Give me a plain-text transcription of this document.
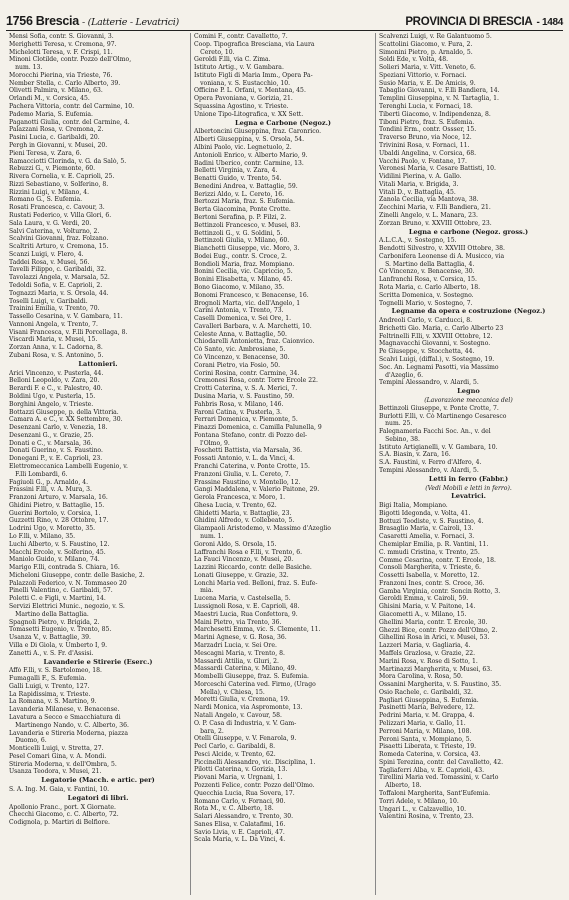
1756 Brescia - (Latterie - Levatrici)	PROVINCIA DI BRESCIA - 1484
Mensi Sofia, contr. S. Giovanni, 3.
Merighetti Teresa, v. Cremona, 97.
Michelotti Teresa, v. F. Crispi, 11.
Minoni Clotilde, contr. Pozzo dell'Olmo,
 num. 13.
Morocchi Pierina, via Trieste, 76.
Nember Stella, c. Carlo Alberto, 39.
Olivetti Palmira, v. Milano, 63.
Orlandi M., v. Corsica, 45.
Pachera Vittoria, contr. del Carmine, 10.
Pademo Maria, S. Eufemia.
Paganotti Giulia, contr. del Carmine, 4.
Palazzani Rosa, v. Cremona, 2.
Pasini Lucia, c. Garibaldi, 20.
Pergh in Giovanni, v. Musei, 20.
Pieni Teresa, v. Zara, 6.
Ramacciotti Clorinda, v. G. da Salò, 5.
Rebuzzi G., v. Piemonte, 60.
Rivera Cornelia, v. E. Caprioli, 25.
Rizzi Sebastiano, v. Solferino, 8.
Rizzini Luigi, v. Milano, 4.
Romano G., S. Eufemia.
Rosati Francesca, c. Cavour, 3.
Rustati Federico, v. Villa Glori, 6.
Sala Laura, v. G. Verdi, 20.
Salvi Caterina, v. Volturno, 2.
Scalvini Giovanni, fraz. Folzano.
Scaltriti Arturo, v. Cremona, 15.
Scanzi Luigi, v. Flero, 4.
Taddei Rosa, v. Musei, 56.
Tavelli Filippo, c. Garibaldi, 32.
Tavolazzi Angela, v. Marsala, 52.
Tedoldi Sofia, v. E. Caprioli, 2.
Tognazzi Maria, v. S. Orsola, 44.
Toselli Luigi, v. Garibaldi.
Trainini Emilia, v. Trento, 70.
Tassello Cesarina, v. V. Gambara, 11.
Vannoni Angela, v. Trento, 7.
Visani Francesca, v. F.lli Porcellaga, 8.
Viscardi Maria, v. Musei, 15.
Zorzan Anna, v. L. Cadorna, 8.
Zubani Rosa, v. S. Antonino, 5.
Lattonieri.
Arici Vincenzo, v. Pusterla, 44.
Belloni Leopoldo, v. Zara, 20.
Berardi F. e C., v. Palestro, 40.
Boldini Ugo, v. Pusterla, 15.
Borghini Angelo, v. Trieste.
Bottazzi Giuseppe, p. della Vittoria.
Camara A. e C., v. XX Settembre, 30.
Desenzani Carlo, v. Venezia, 18.
Desenzani G., v. Grazie, 25.
Donati e C., v. Marsala, 36.
Donati Guerino, v. S. Faustino.
Donegani P., v. E. Caprioli, 23.
Elettromeccanica Lambelli Eugenio, v.
 F.lli Lombardi, 6.
Fagiuoli G., p. Arnaldo, 4.
Frassini F.lli, v. A. Mura, 3.
Franzoni Arturo, v. Marsala, 16.
Ghidini Pietro, v. Battaglie, 15.
Guerini Bortolo, v. Corsica, 1.
Guzzetti Rino, v. 28 Ottobre, 17.
Lodrini Ugo, v. Moretto, 35.
Lo F.lli, v. Milano, 35.
Luchi Alberto, v. S. Faustino, 12.
Macchi Ercole, v. Solferino, 45.
Maniolo Guido, v. Milano, 74.
Marigo F.lli, contrada S. Chiara, 16.
Micheloni Giuseppe, contr. delle Basiche, 2.
Palazzoli Federico, v. N. Tommaseo 20
Pinelli Valentino, c. Garibaldi, 57.
Poletti C. e Figli, v. Martini, 14.
Servizi Elettrici Munic., negozio, v. S.
 Martino della Battaglia.
Spagnoli Pietro, v. Brigida, 2.
Tomasetti Eugenio, v. Trento, 85.
Usanza V., v. Battaglie, 39.
Villa e Di Giola, v. Umberto I, 9.
Zanetti A., v. S. Fr. d'Assisi.
Lavanderie e Stirerie (Eserc.)
Affò F.lli, v. S. Bartolomeo, 18.
Fumagalli F., S. Eufemia.
Galli Luigi, v. Trento, 127.
La Rapidissima, v. Trieste.
La Romana, v. S. Martino, 9.
Lavanderia Milanese, v. Benacense.
Lavatura a Secco e Smacchiatura di
 Martinengo Nando, v. C. Alberto, 36.
Lavanderia e Stireria Moderna, piazza
 Duomo, 6.
Monticelli Luigi, v. Stretta, 27.
Pesel Comari Gina, v. A. Mondi.
Stireria Moderna, v. dell'Ombra, 5.
Usanza Teodora, v. Musei, 21.
Legatorie (Macch. e artic. per)
S. A. Ing. M. Gaia, v. Fantini, 10.
Legatori di libri.
Apollonio Franc., port. X Giornate.
Checchi Giacomo, c. C. Alberto, 72.
Codignola, p. Martiri di Belfiore.
Comini F., contr. Cavalletto, 7.
Coop. Tipografica Bresciana, via Laura
 Cereto, 10.
Geroldi F.lli, via C. Zima.
Istituto Artig., v. V. Gambara.
Istituto Figli di Maria Imm., Opera Pa-
 voniana, v. S. Eustacchio, 10.
Officine P. L. Orfani, v. Mentana, 45.
Opera Pavoniana, v. Gorizia, 21.
Squassina Agostino, v. Trieste.
Unione Tipo-Litografica, v. XX Sett.
Legna e Carbone (Negoz.)
Albertoncini Giuseppina, fraz. Caronrico.
Alberti Giuseppina, v. S. Orsola, 54.
Albini Paolo, vic. Legnetuolo, 2.
Antonioli Enrico, v. Alberto Mario, 9.
Badini Uberico, contr. Carmine, 13.
Belletti Virginia, v. Zara, 4.
Benatti Guido, v. Trento, 54.
Benedini Andrea, v. Battaglie, 59.
Berizzi Aldo, v. L. Cereto, 16.
Bertozzi Maria, fraz. S. Eufemia.
Berta Giacomina, Ponte Crotte.
Bertoni Serafina, p. P. Filzi, 2.
Bettinzoli Francesco, v. Musei, 83.
Bettinzoli G., v. G. Soldini, 5.
Bettinzoli Giulia, v. Milano, 60.
Bianchetti Giuseppe, vic. Moro, 3.
Bodei Eug., contr. S. Croce, 2.
Bondioli Maria, fraz. Mompiano.
Bonini Cecilia, vic. Capriccio, 5.
Bonini Elisabetta, v. Milano, 45.
Bono Giacomo, v. Milano, 35.
Bonomi Francesco, v. Benacense, 16.
Brognoli Marta, vic. dell'Angelo, 1
Carini Antonia, v. Trento, 73.
Caselli Domenica, v. Sei Ore, 1.
Cavalleri Barbara, v. A. Marchetti, 10.
Celeste Anna, v. Battaglie, 50.
Chiodarelli Antonietta, fraz. Caionvico.
Cò Santo, vic. Ambrosiane, 5.
Cò Vincenzo, v. Benacense, 30.
Corani Pietro, via Fosio, 50.
Corini Rosina, contr. Carmine, 34.
Cremonesi Rosa, contr. Torre Ercole 22.
Crotti Caterina, v. S. A. Merici, 7.
Dusina Maria, v. S. Faustino, 59.
Fahbris Rosa, v. Milano, 146.
Faroni Catina, v. Pusterla, 3.
Ferrari Domenica, v. Piemonte, 5.
Finazzi Domenica, c. Camilla Palunella, 9
Fontana Stefano, contr. di Pozzo del-
 l'Olmo, 9.
Foschetti Battista, via Marsala, 36.
Fossati Antonio, v. L. da Vinci, 4.
Franchi Caterina, v. Ponte Crotte, 15.
Franzoni Giulia, v. L. Cereto, 7.
Frassine Faustino, v. Montello, 12.
Gangi Maddalena, v. Valerio Paitone, 29.
Gerola Francesca, v. Moro, 1.
Ghesa Lucia, v. Trento, 62.
Ghidetti Maria, v. Battaglie, 23.
Ghidini Alfredo, v. Collebeato, 5.
Giampaoli Aristodemo, v. Massimo d'Azeglio
 num. 1.
Goroni Aldo, S. Orsola, 15.
Laffranchi Rosa e F.lli, v. Trento, 6.
La Fauci Vincenzo, v. Musei, 20.
Lazzini Riccardo, contr. delle Basiche.
Lonati Giuseppe, v. Grazie, 32.
Lonchi Maria ved. Belloni, fraz. S. Eufe-
 mia.
Lucena Maria, v. Castelsella, 5.
Lussignoli Rosa, v. E. Caprioli, 48.
Maestri Lucia, Rua Confettora, 9.
Maini Pietro, via Trento, 36.
Marchesetti Emma, vic. S. Clemente, 11.
Marini Agnese, v. G. Rosa, 36.
Marzadri Lucia, v. Sei Ore.
Mescagni Maria, v. Trento, 8.
Massardi Attilia, v. Gluri, 2.
Massardi Caterina, v. Milano, 49.
Mombelli Giuseppe, fraz. S. Eufemia.
Morceschi Caterina ved. Firmo, (Urago
 Mella), v. Chiesa, 15.
Moretti Giulia, v. Cremona, 19.
Nardi Monica, via Aspromonte, 13.
Natali Angelo, v. Cavour, 58.
O. P. Casa di Industria, v. V. Gam-
 bara, 2.
Otelli Giuseppe, v. V. Fenarola, 9.
Pecl Carlo, c. Garibaldi, 8.
Pesci Alcide, v. Trento, 62.
Piccinelli Alessandro, vic. Disciplina, 1.
Pilotti Caterina, v. Gorizia, 13.
Piovani Maria, v. Urgnani, 1.
Pozzenti Felice, contr. Pozzo dell'Olmo.
Quecchia Lucia, Rua Sovera, 17.
Romano Carlo, v. Fornaci, 90.
Rota M., v. C. Alberto, 18.
Salari Alessandro, v. Trento, 30.
Sanes Elisa, v. Calatafimi, 16.
Savio Livia, v. E. Caprioli, 47.
Scala Maria, v. L. Da Vinci, 4.
Scalvenzi Luigi, v. Re Galantuomo 5.
Scattolini Giacomo, v. Fura, 2.
Simonini Pietro, p. Arnaldo, 5.
Soldi Ede, v. Volta, 48.
Solieri Maria, v. Vitt. Veneto, 6.
Speziani Vittorio, v. Fornaci.
Susio Maria, v. E. De Amicis, 9.
Tabaglio Giovanni, v. F.lli Bandiera, 14.
Templini Giuseppina, v. N. Tartaglia, 1.
Terenghi Lucia, v. Fornaci, 18.
Tiberti Giacomo, v. Indipendenza, 8.
Tiboni Pietro, fraz. S. Eufemia.
Tondini Erm., contr. Ossser, 15.
Traverso Bruno, via Noce, 12.
Trivinini Rosa, v. Fornaci, 11.
Ubaldi Angelina, v. Corsica, 68.
Vacchi Paolo, v. Fontane, 17.
Veronesi Maria, v. Cesare Battisti, 10.
Vidilini Pierina, v. A. Gallo.
Vitali Maria, v. Brigida, 3.
Vitali D., v. Battaglia, 45.
Zanola Cecilia, via Mantova, 38.
Zecchini Maria, v. F.lli Bandiera, 21.
Zinelli Angelo, v. L. Manara, 23.
Zorzan Bruno, v. XXVIII Ottobre, 23.
Legna e carbone (Negoz. gross.)
A.L.C.A., v. Sostegno, 15.
Bendotti Silvestro, v. XXVIII Ottobre, 38.
Carbonifera Leonense di A. Musicco, via
 S. Martino della Battaglia, 4.
Cò Vincenzo, v. Benacense, 30.
Lanfranchi Rosa, v. Corsica, 15.
Rota Maria, c. Carlo Alberto, 18.
Scritta Domenica, v. Sostegno.
Tognelli Mario, v. Sostegno, 7.
Legname da opera e costruzione (Negoz.)
Andreoli Carlo, v. Carducci, 8.
Brichetti Gio. Maria, c. Carlo Alberto 23
Feltrinelli F.lli, v. XXVIII Ottobre, 12.
Magnavacchi Giovanni, v. Sostegno.
Pe Giuseppe, v. Stocchetta, 44.
Scalvi Luigi, (diffal.), v. Sostegno, 19.
Soc. An. Legnami Pasotti, via Massimo
 d'Azeglio, 6.
Tempini Alessandro, v. Alardi, 5.
Legno
(Lavorazione meccanica del)
Bettinzoli Giuseppe, v. Ponte Crotte, 7.
Burlotti F.lli, v. Cò Martinengo Cesaresco
 num. 25.
Falegnameria Facchi Soc. An., v. del
 Sebino, 38.
Istituto Artigianelli, v. V. Gambara, 10.
S.A. Biasin, v. Zara, 16.
S.A. Faustini, v. Ferro d'Alfero, 4.
Tempini Alessandro, v. Alardi, 5.
Letti in ferro (Fabbr.)
(Vedi Mobili e letti in ferro).
Levatrici.
Bigi Italia, Mompiano.
Bigotti Idegonda, v. Volta, 41.
Bottuzi Teodiste, v. S. Faustino, 4.
Brasaglio Maria, v. Cairoli, 13.
Casaretti Amelia, v. Fornaci, 3.
Chemiplar Emilia, p. R. Vantini, 11.
C. mmudi Cristina, v. Trento, 25.
Comme Cesarina, contr. T. Ercole, 18.
Consoli Margherita, v. Trieste, 6.
Cossetti Isabella, v. Moretto, 12.
Franzoni Ines, contr. S. Croce, 36.
Gamba Virginia, contr. Soncin Rotto, 3.
Geroldi Emma, v. Cairoli, 59.
Ghisini Maria, v. V. Paitone, 14.
Giacometti A., v. Milano, 15.
Ghellini Maria, contr. T. Ercole, 30.
Ghezzi Bice, contr. Pozzo dell'Olmo, 2.
Gihellini Rosa in Arici, v. Musei, 53.
Lazzeri Maria, v. Gagliaria, 4.
Maffels Grazlosa, v. Grazie, 22.
Marini Rosa, v. Rose di Sotto, 1.
Martinazzi Margherita, v. Musei, 63.
Mora Carolina, v. Rosa, 50.
Ossanini Margherita, v. S. Faustino, 35.
Osio Rachele, c. Garibaldi, 32.
Pagliari Giuseppina, S. Eufemia.
Pasinetti Maria, Belvedere, 12.
Pedrini Maria, v. M. Grappa, 4.
Pelizzari Maria, v. Gallo, 11.
Perroni Maria, v. Milano, 108.
Peroni Santa, v. Mompiano, 5.
Pisaetti Liberata, v. Trieste, 19.
Romeda Caterina, v. Corsica, 43.
Spini Terezina, contr. del Cavalletto, 42.
Tagliaferri Alba, v. E. Caprioli, 43.
Tirellini Maria ved. Tomassini, v. Carlo
 Alberto, 18.
Toffaloni Margherita, Sant'Eufemia.
Torri Adele, v. Milano, 10.
Ungari L., v. Calzavellio, 10.
Valentini Rosina, v. Trento, 23.
